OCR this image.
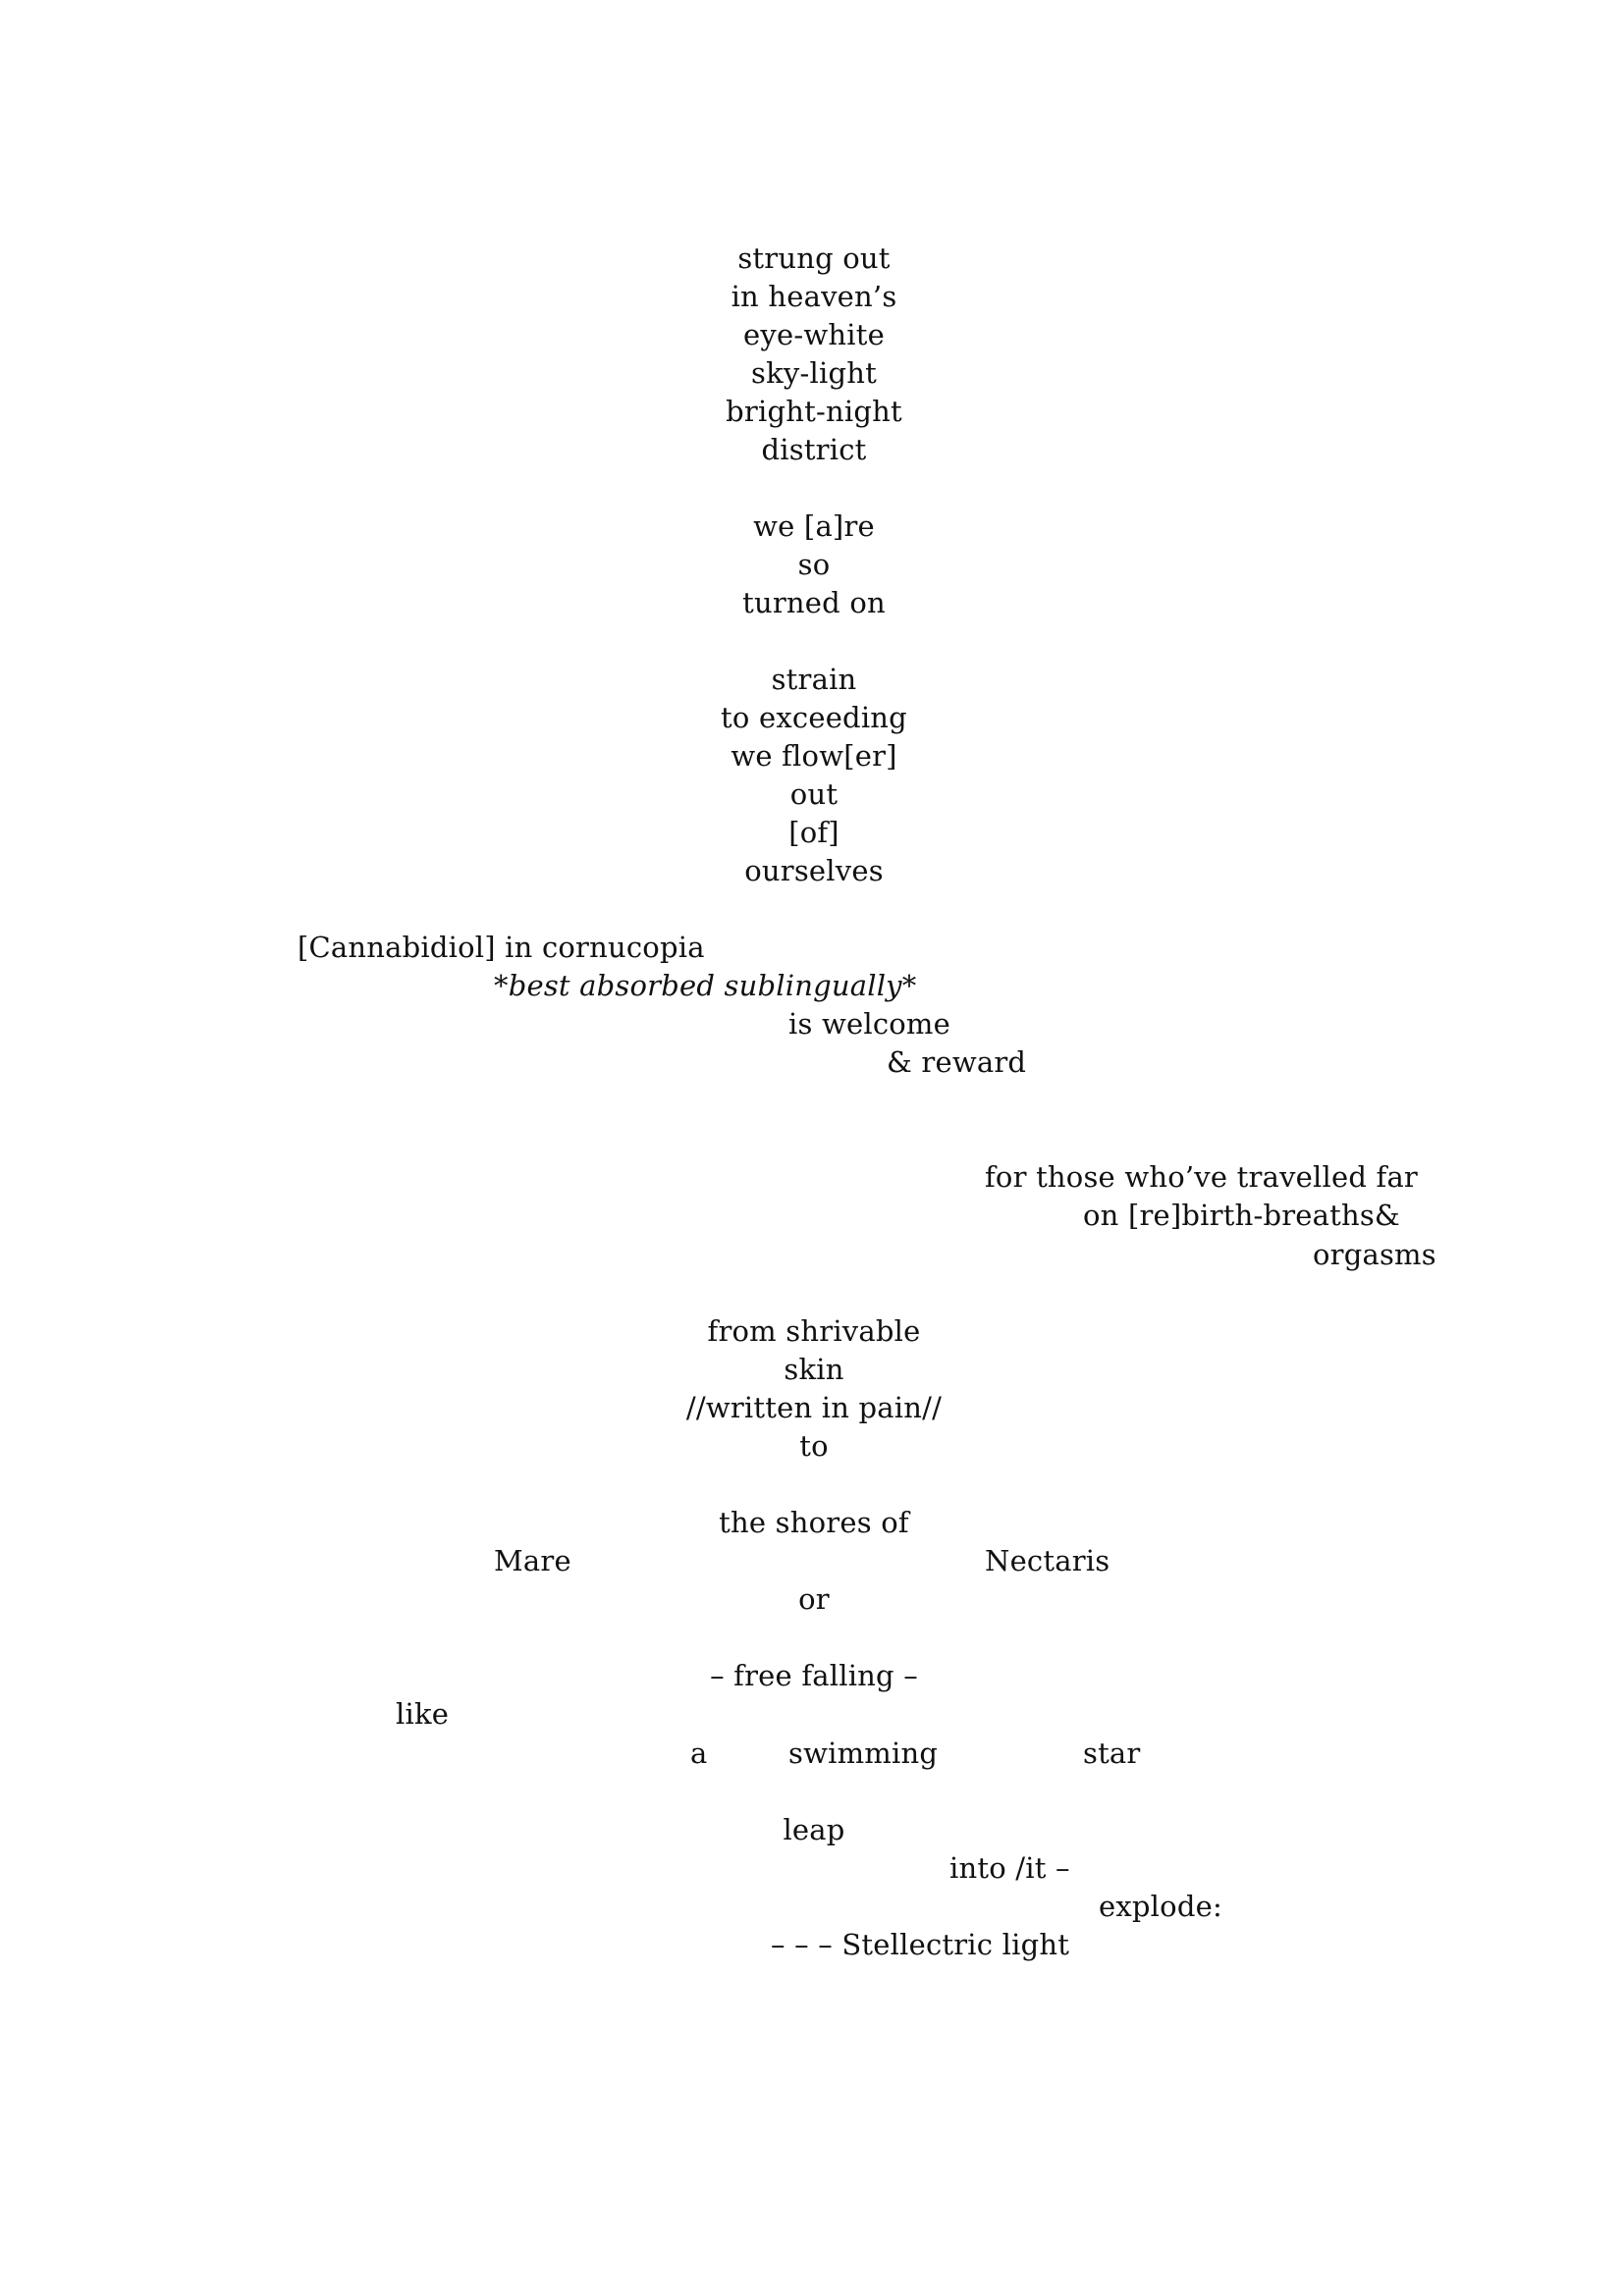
strung out
in heaven’s
eye-white
sky-light
bright-night
district
we [a]re
so
turned on
strain
to exceeding
we flow[er]
out
[of]
ourselves
[Cannabidiol] in cornucopia
*best absorbed sublingually*
is welcome
& reward
for those who’ve travelled far
on [re]birth-breaths&
orgasms
from shrivable
skin
//written in pain//
to
the shores of
Mare	Nectaris
or
– free falling –
like
a	swimming	star
leap
into /it –
explode:
– – – Stellectric light
